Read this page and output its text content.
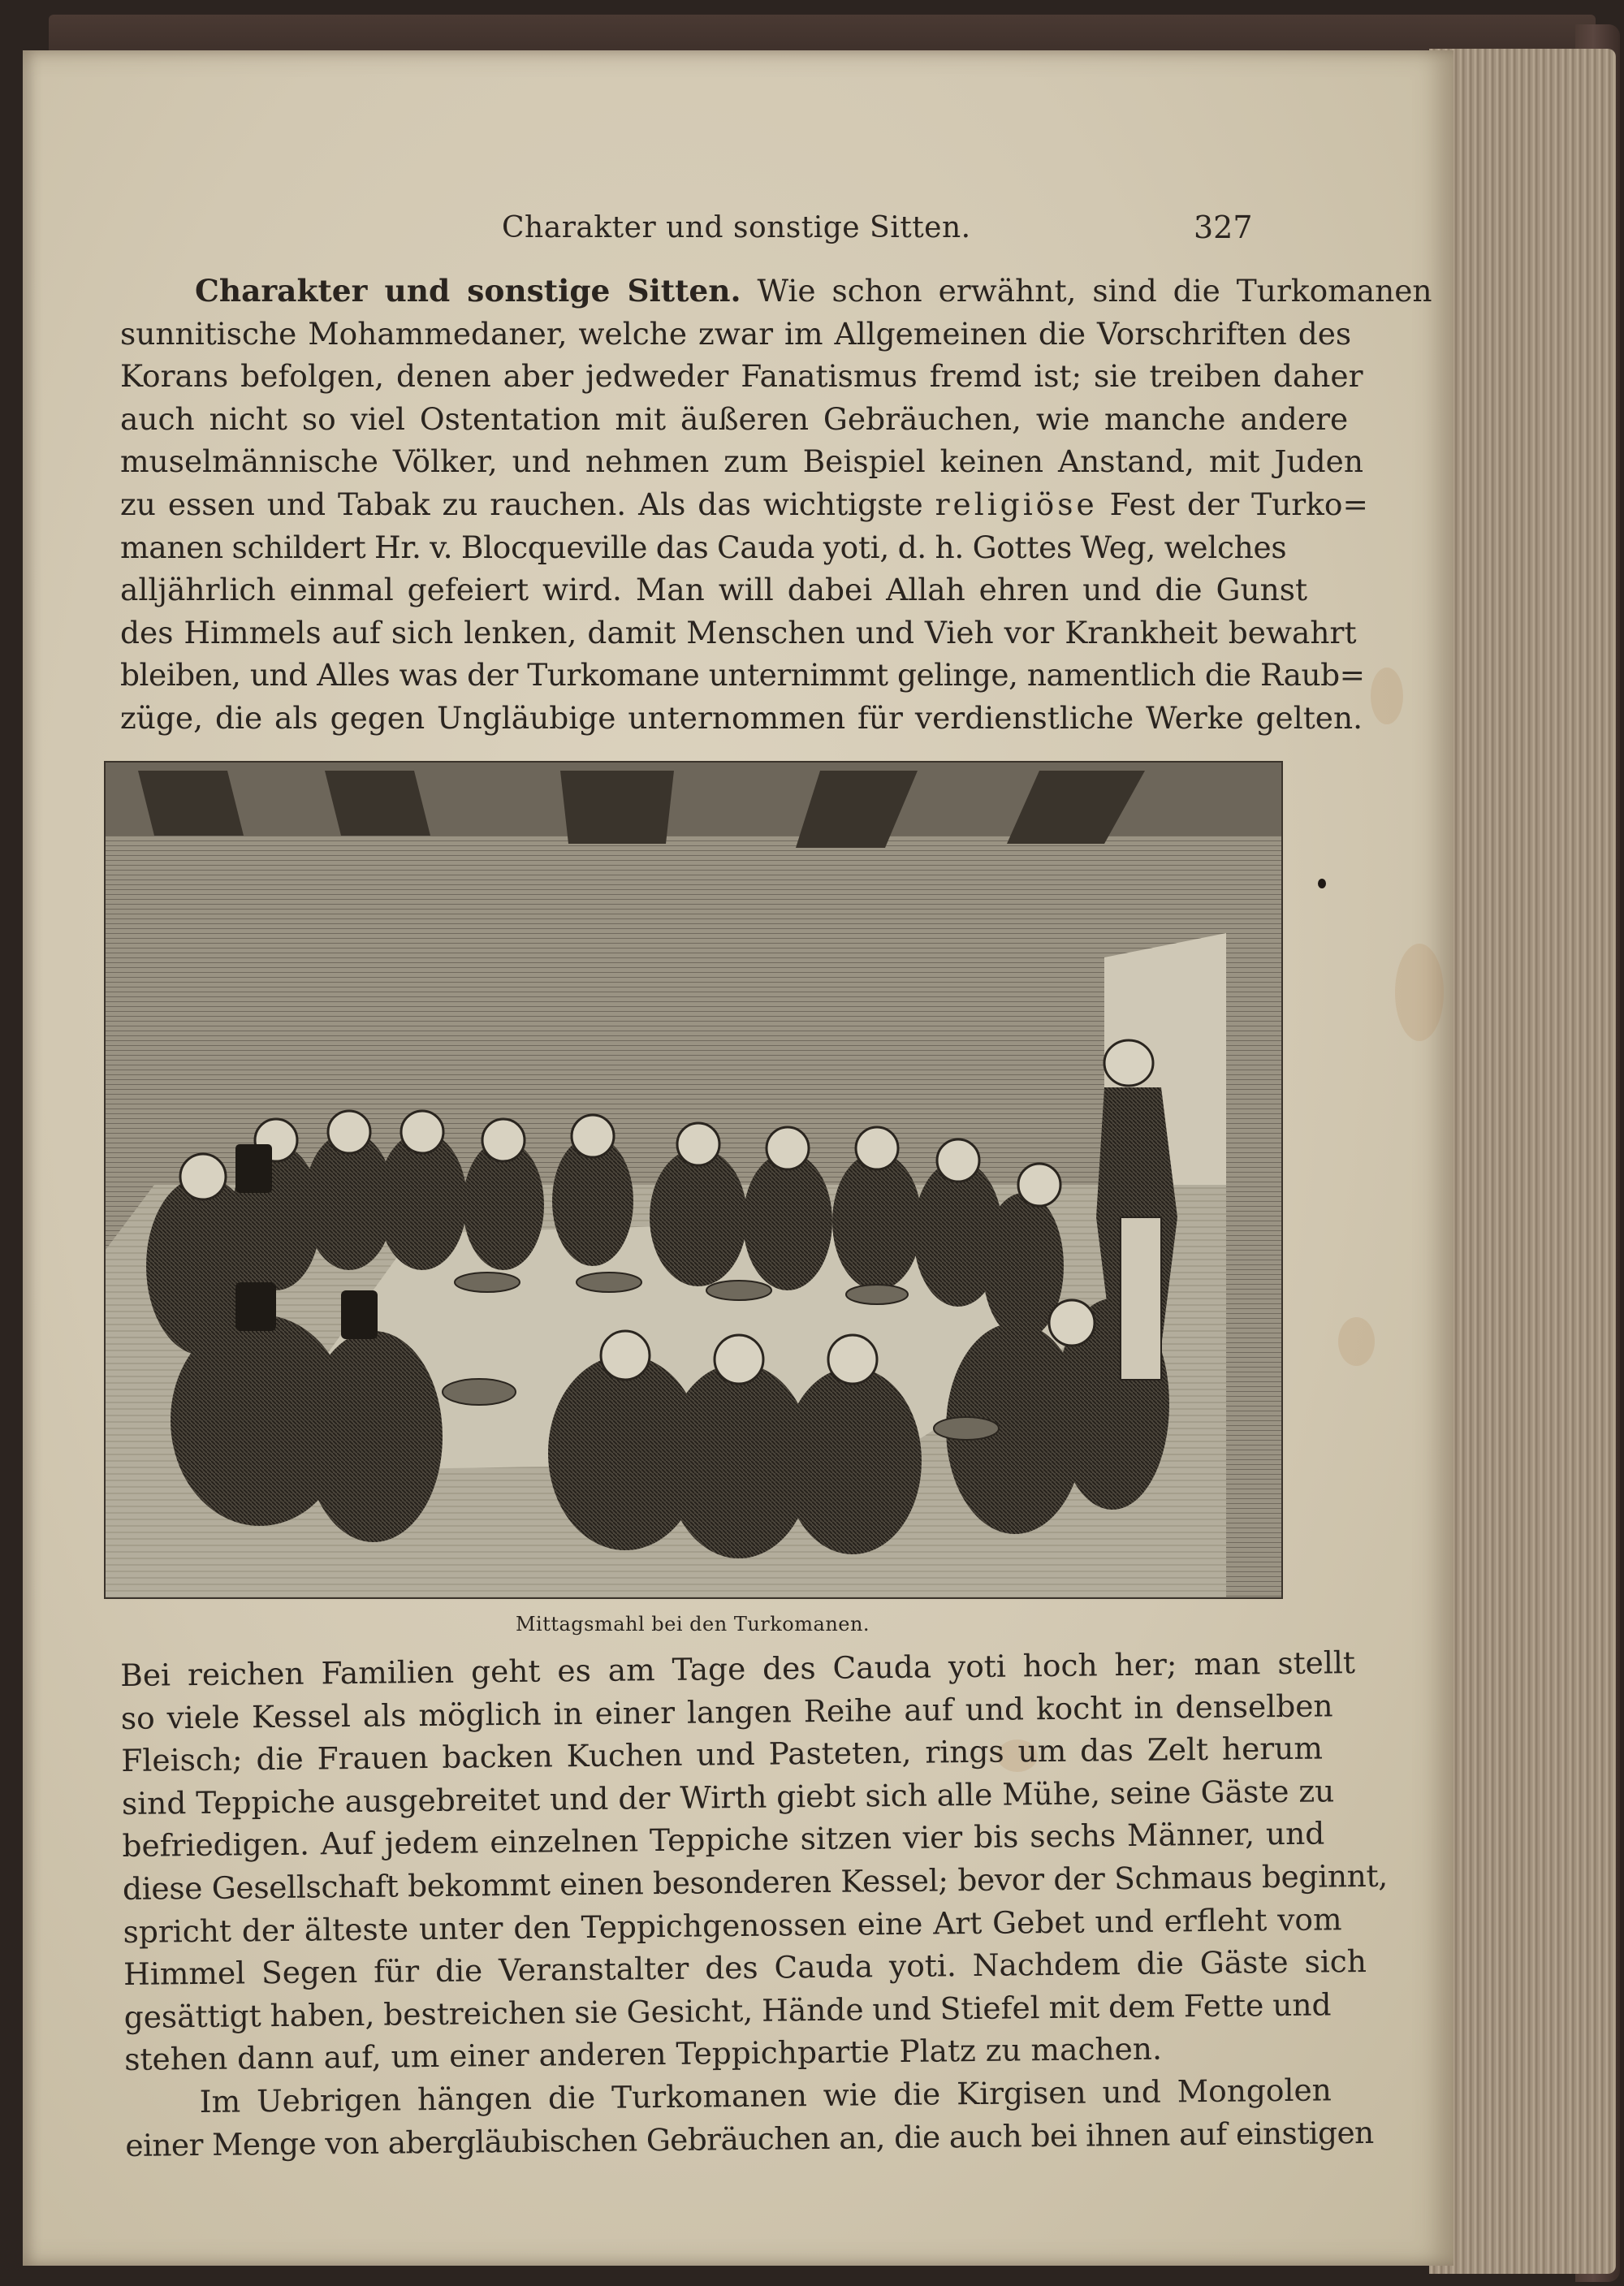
Charakter und sonstige Sitten.	327
Charakter und sonstige Sitten. Wie schon erwähnt, sind die Turkomanen
sunnitische Mohammedaner, welche zwar im Allgemeinen die Vorschriften des
Korans befolgen, denen aber jedweder Fanatismus fremd ist; sie treiben daher
auch nicht so viel Ostentation mit äußeren Gebräuchen, wie manche andere
muselmännische Völker, und nehmen zum Beispiel keinen Anstand, mit Juden
zu essen und Tabak zu rauchen. Als das wichtigste religiöse Fest der Turko=
manen schildert Hr. v. Blocqueville das Cauda yoti, d. h. Gottes Weg, welches
alljährlich einmal gefeiert wird. Man will dabei Allah ehren und die Gunst
des Himmels auf sich lenken, damit Menschen und Vieh vor Krankheit bewahrt
bleiben, und Alles was der Turkomane unternimmt gelinge, namentlich die Raub=
züge, die als gegen Ungläubige unternommen für verdienstliche Werke gelten.
Mittagsmahl bei den Turkomanen.
Bei reichen Familien geht es am Tage des Cauda yoti hoch her; man stellt
so viele Kessel als möglich in einer langen Reihe auf und kocht in denselben
Fleisch; die Frauen backen Kuchen und Pasteten, rings um das Zelt herum
sind Teppiche ausgebreitet und der Wirth giebt sich alle Mühe, seine Gäste zu
befriedigen. Auf jedem einzelnen Teppiche sitzen vier bis sechs Männer, und
diese Gesellschaft bekommt einen besonderen Kessel; bevor der Schmaus beginnt,
spricht der älteste unter den Teppichgenossen eine Art Gebet und erfleht vom
Himmel Segen für die Veranstalter des Cauda yoti. Nachdem die Gäste sich
gesättigt haben, bestreichen sie Gesicht, Hände und Stiefel mit dem Fette und
stehen dann auf, um einer anderen Teppichpartie Platz zu machen.
Im Uebrigen hängen die Turkomanen wie die Kirgisen und Mongolen
einer Menge von abergläubischen Gebräuchen an, die auch bei ihnen auf einstigen
